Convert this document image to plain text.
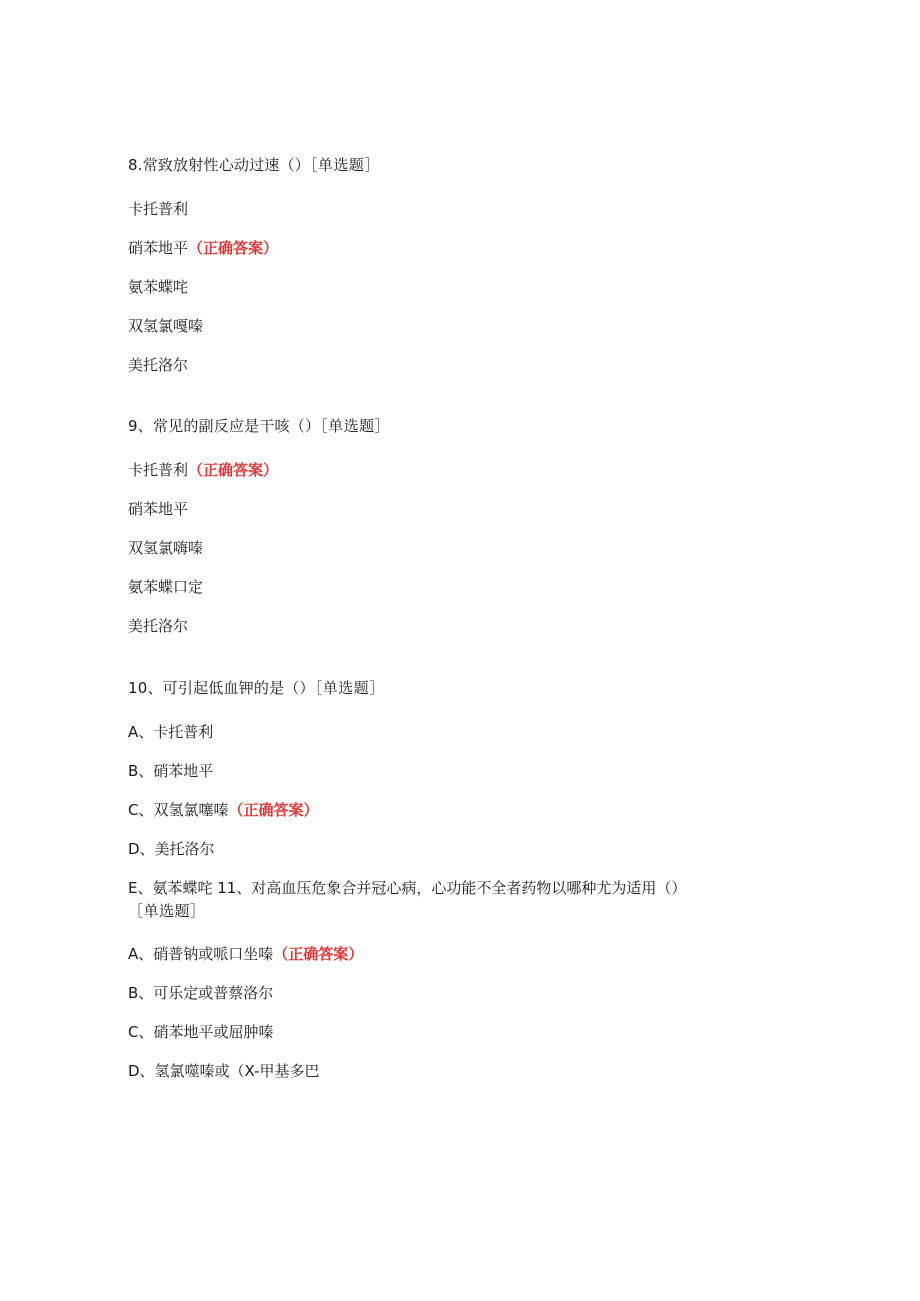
8.常致放射性心动过速（）［单选题］
卡托普利
硝苯地平（正确答案）
氨苯蝶咤
双氢氯嘎嗪
美托洛尔
9、常见的副反应是干咳（）［单选题］
卡托普利（正确答案）
硝苯地平
双氢氯嗨嗪
氨苯蝶口定
美托洛尔
10、可引起低血钾的是（）［单选题］
A、卡托普利
B、硝苯地平
C、双氢氯噻嗪（正确答案）
D、美托洛尔
E、氨苯蝶咤 11、对高血压危象合并冠心病，心功能不全者药物以哪种尤为适用（）
［单选题］
A、硝普钠或哌口坐嗪（正确答案）
B、可乐定或普蔡洛尔
C、硝苯地平或屈肿嗪
D、氢氯噬嗪或（X-甲基多巴
